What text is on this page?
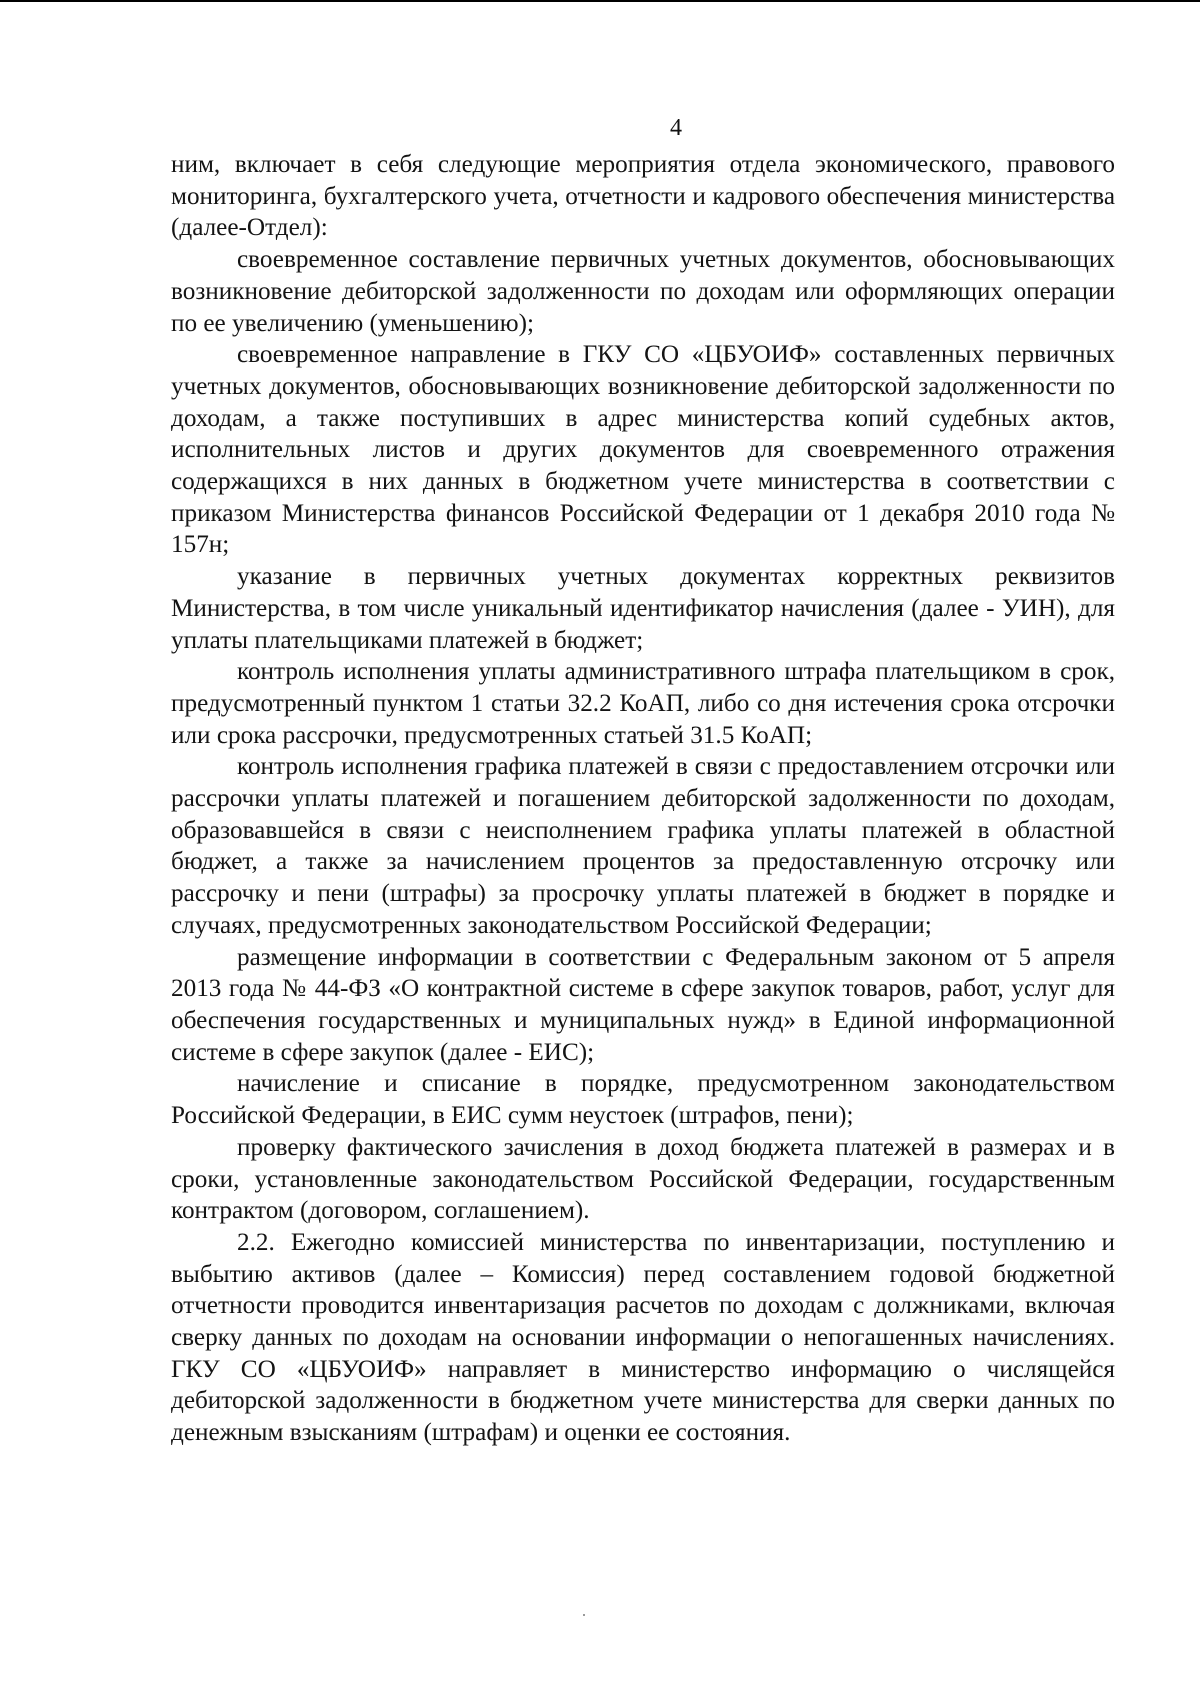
4

ним, включает в себя следующие мероприятия отдела экономического, правового мониторинга, бухгалтерского учета, отчетности и кадрового обеспечения министерства (далее-Отдел):

своевременное составление первичных учетных документов, обосновывающих возникновение дебиторской задолженности по доходам или оформляющих операции по ее увеличению (уменьшению);

своевременное направление в ГКУ СО «ЦБУОИФ» составленных первичных учетных документов, обосновывающих возникновение дебиторской задолженности по доходам, а также поступивших в адрес министерства копий судебных актов, исполнительных листов и других документов для своевременного отражения содержащихся в них данных в бюджетном учете министерства в соответствии с приказом Министерства финансов Российской Федерации от 1 декабря 2010 года № 157н;

указание в первичных учетных документах корректных реквизитов Министерства, в том числе уникальный идентификатор начисления (далее - УИН), для уплаты плательщиками платежей в бюджет;

контроль исполнения уплаты административного штрафа плательщиком в срок, предусмотренный пунктом 1 статьи 32.2 КоАП, либо со дня истечения срока отсрочки или срока рассрочки, предусмотренных статьей 31.5 КоАП;

контроль исполнения графика платежей в связи с предоставлением отсрочки или рассрочки уплаты платежей и погашением дебиторской задолженности по доходам, образовавшейся в связи с неисполнением графика уплаты платежей в областной бюджет, а также за начислением процентов за предоставленную отсрочку или рассрочку и пени (штрафы) за просрочку уплаты платежей в бюджет в порядке и случаях, предусмотренных законодательством Российской Федерации;

размещение информации в соответствии с Федеральным законом от 5 апреля 2013 года № 44-ФЗ «О контрактной системе в сфере закупок товаров, работ, услуг для обеспечения государственных и муниципальных нужд» в Единой информационной системе в сфере закупок (далее - ЕИС);

начисление и списание в порядке, предусмотренном законодательством Российской Федерации, в ЕИС сумм неустоек (штрафов, пени);

проверку фактического зачисления в доход бюджета платежей в размерах и в сроки, установленные законодательством Российской Федерации, государственным контрактом (договором, соглашением).

2.2. Ежегодно комиссией министерства по инвентаризации, поступлению и выбытию активов (далее – Комиссия) перед составлением годовой бюджетной отчетности проводится инвентаризация расчетов по доходам с должниками, включая сверку данных по доходам на основании информации о непогашенных начислениях. ГКУ СО «ЦБУОИФ» направляет в министерство информацию о числящейся дебиторской задолженности в бюджетном учете министерства для сверки данных по денежным взысканиям (штрафам) и оценки ее состояния.
